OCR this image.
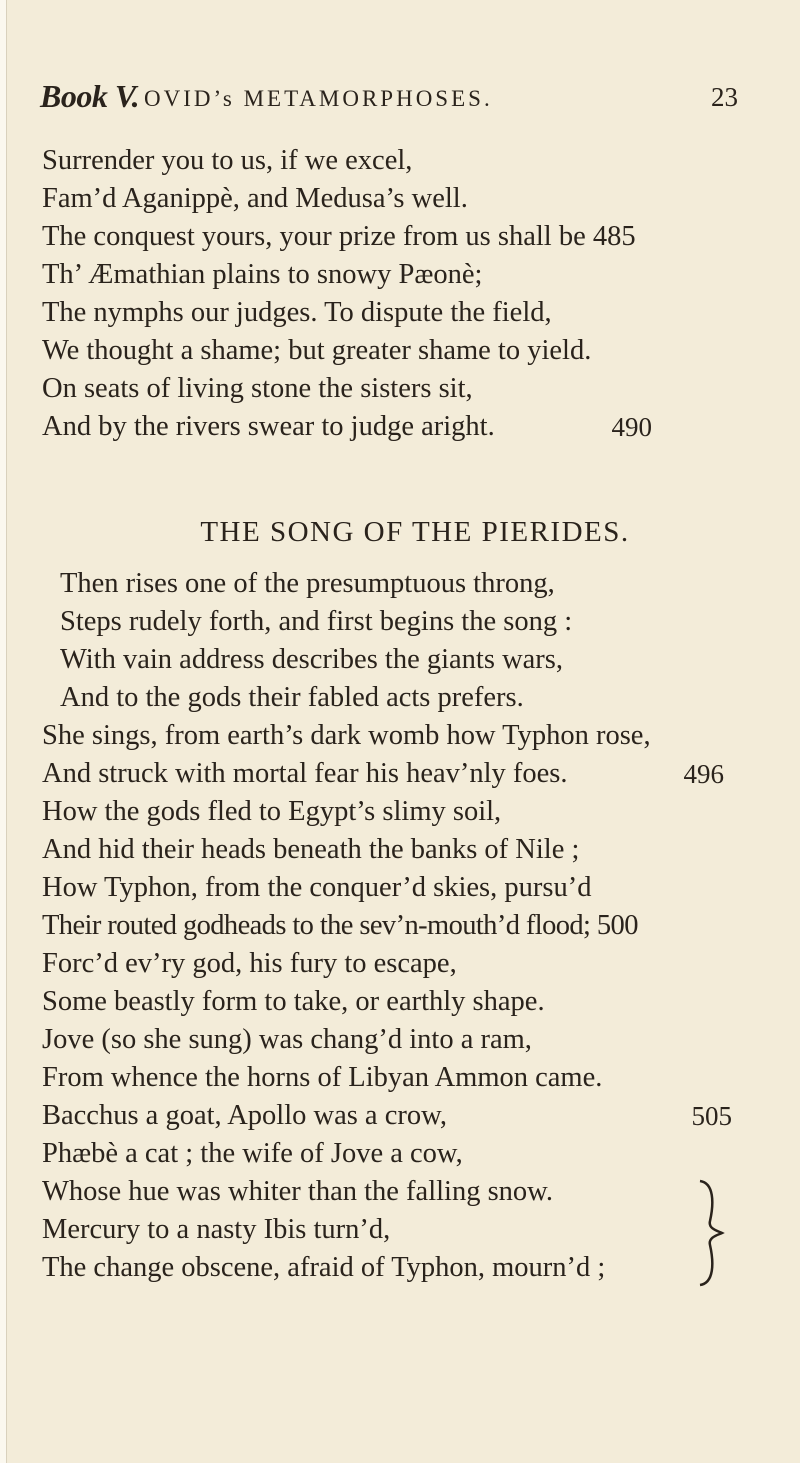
Book V. OVID’s METAMORPHOSES.	23
Surrender you to us, if we excel,
Fam’d Aganippè, and Medusa’s well.
The conquest yours, your prize from us shall be 485
Th’ Æmathian plains to snowy Pæonè;
The nymphs our judges. To dispute the field,
We thought a shame; but greater shame to yield.
On seats of living stone the sisters sit,
And by the rivers swear to judge aright.	490
THE SONG OF THE PIERIDES.
Then rises one of the presumptuous throng,
Steps rudely forth, and first begins the song :
With vain address describes the giants wars,
And to the gods their fabled acts prefers.
She sings, from earth’s dark womb how Typhon rose,
And struck with mortal fear his heav’nly foes.	496
How the gods fled to Egypt’s slimy soil,
And hid their heads beneath the banks of Nile ;
How Typhon, from the conquer’d skies, pursu’d
Their routed godheads to the sev’n-mouth’d flood; 500
Forc’d ev’ry god, his fury to escape,
Some beastly form to take, or earthly shape.
Jove (so she sung) was chang’d into a ram,
From whence the horns of Libyan Ammon came.
Bacchus a goat, Apollo was a crow,	505
Phæbè a cat ; the wife of Jove a cow,
Whose hue was whiter than the falling snow.
Mercury to a nasty Ibis turn’d,
The change obscene, afraid of Typhon, mourn’d ;
